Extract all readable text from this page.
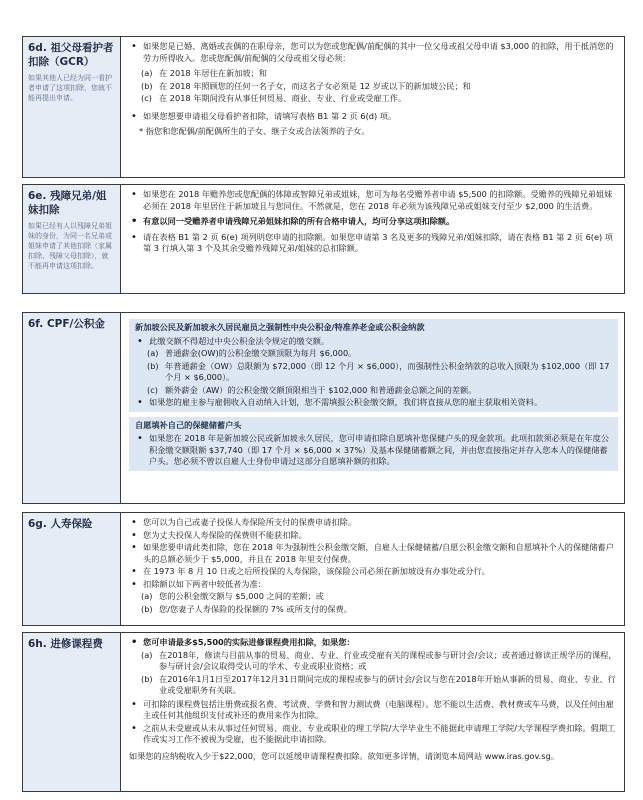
6d. 祖父母看护者扣除（GCR）
如果其他人已经为同一看护者申请了这项扣除，您就不能再提出申请。
• 如果您是已婚、离婚或丧偶的在职母亲，您可以为您或您配偶/前配偶的其中一位父母或祖父母申请 $3,000 的扣除，用于抵消您的劳力所得收入。您或您配偶/前配偶的父母或祖父母必须：
(a) 在 2018 年居住在新加坡；和
(b) 在 2018 年照顾您的任何一名子女，而这名子女必须是 12 岁或以下的新加坡公民；和
(c) 在 2018 年期间没有从事任何贸易、商业、专业、行业或受雇工作。
• 如果您想要申请祖父母看护者扣除，请填写表格 B1 第 2 页 6(d) 项。
* 指您和您配偶/前配偶所生的子女、继子女或合法领养的子女。
6e. 残障兄弟/姐妹扣除
如果已经有人以残障兄弟姐妹的身份，为同一名兄弟或姐妹申请了其他扣除（家属扣除、残障父母扣除），就不能再申请这项扣除。
• 如果您在 2018 年赡养您或您配偶的体障或智障兄弟或姐妹，您可为每名受赡养者申请 $5,500 的扣除额。受赡养的残障兄弟姐妹必须在 2018 年里居住于新加坡且与您同住。不然就是，您在 2018 年必须为该残障兄弟或姐妹支付至少 $2,000 的生活费。
• 有意以同一受赡养者申请残障兄弟姐妹扣除的所有合格申请人，均可分享这项扣除额。
• 请在表格 B1 第 2 页 6(e) 项列明您申请的扣除额。如果您申请第 3 名及更多的残障兄弟/姐妹扣除，请在表格 B1 第 2 页 6(e) 项第 3 行填入第 3 个及其余受赡养残障兄弟/姐妹的总扣除额。
6f. CPF/公积金	新加坡公民及新加坡永久居民雇员之强制性中央公积金/特准养老金或公积金纳款
• 此缴交额不得超过中央公积金法令规定的缴交额。
(a) 普通薪金(OW)的公积金缴交额顶限为每月 $6,000。
(b) 年普通薪金（OW）总限额为 $72,000（即 12 个月 × $6,000），而强制性公积金纳款的总收入顶限为 $102,000（即 17 个月 × $6,000）。
(c) 额外薪金（AW）的公积金缴交额顶限相当于 $102,000 和普通薪金总额之间的差额。
• 如果您的雇主参与雇佣收入自动纳入计划，您不需填报公积金缴交额，我们将直接从您的雇主获取相关资料。
自愿填补自己的保健储蓄户头
• 如果您在 2018 年是新加坡公民或新加坡永久居民，您可申请扣除自愿填补您保健户头的现金款项。此项扣款须必须是在年度公积金缴交额限额 $37,740（即 17 个月 × $6,000 × 37%）及基本保健储蓄额之间，并由您直接指定并存入您本人的保健储蓄户头。您必须不曾以自雇人士身份申请过这部分自愿填补额的扣除。
6g. 人寿保险	• 您可以为自己或妻子投保人寿保险所支付的保费申请扣除。
• 您为丈夫投保人寿保险的保费则不能获扣除。
• 如果您要申请此类扣除，您在 2018 年为强制性公积金缴交额，自雇人士保健储蓄/自愿公积金缴交额和自愿填补个人的保健储蓄户头的总额必须少于 $5,000，并且在 2018 年里支付保费。
• 在 1973 年 8 月 10 日或之后所投保的人寿保险，该保险公司必须在新加坡设有办事处或分行。
• 扣除额以如下两者中较低者为准：
(a) 您的公积金缴交额与 $5,000 之间的差额；或
(b) 您/您妻子人寿保险的投保额的 7% 或所支付的保费。
6h. 进修课程费	• 您可申请最多$5,500的实际进修课程费用扣除，如果您：
(a) 在2018年，修读与目前从事的贸易、商业、专业、行业或受雇有关的课程或参与研讨会/会议；或者通过修读正规学历的课程，参与研讨会/会议取得受认可的学术、专业或职业资格；或
(b) 在2016年1月1日至2017年12月31日期间完成的课程或参与的研讨会/会议与您在2018年开始从事新的贸易、商业、专业、行业或受雇职务有关联。
• 可扣除的课程费包括注册费或报名费、考试费、学费和智力测试费（电脑课程）。您不能以生活费、教材费或车马费，以及任何由雇主或任何其他组织支付或补还的费用来作为扣除。
• 之前从未受雇或从未从事过任何贸易、商业、专业或职业的理工学院/大学毕业生不能据此申请理工学院/大学课程学费扣除。假期工作或实习工作不被视为受雇，也不能据此申请扣除。
如果您的应纳税收入少于$22,000，您可以延缓申请课程费扣除。欲知更多详情，请浏览本局网站 www.iras.gov.sg。
